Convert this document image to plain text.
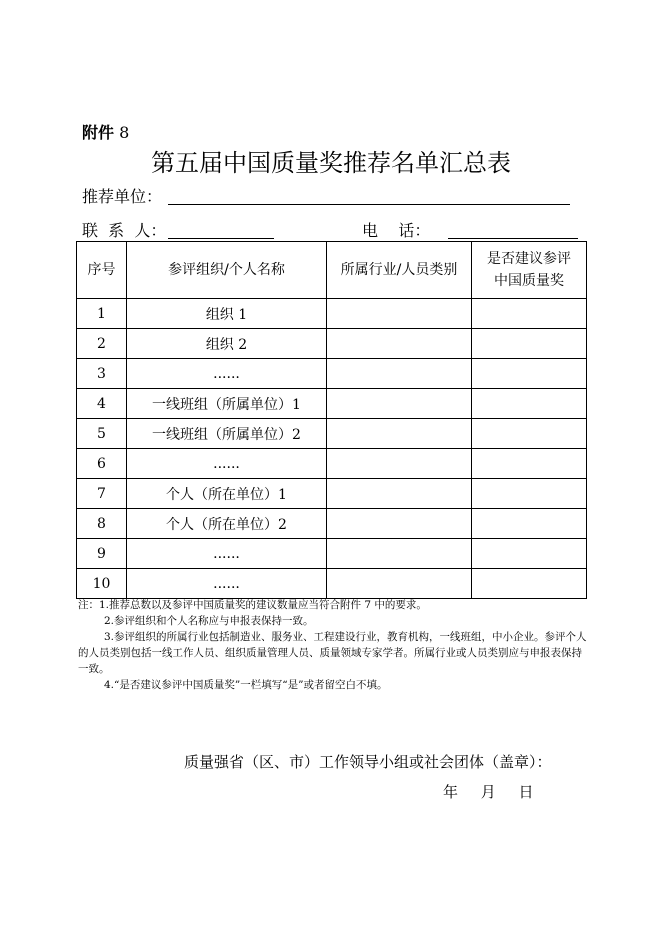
附件 8
第五届中国质量奖推荐名单汇总表
推荐单位：
联  系  人：	电    话：
序号	参评组织/个人名称	所属行业/人员类别	是否建议参评
中国质量奖

1	组织 1		
2	组织 2		
3	......		
4	一线班组（所属单位）1		
5	一线班组（所属单位）2		
6	......		
7	个人（所在单位）1		
8	个人（所在单位）2		
9	......		
10	......		
注：1.推荐总数以及参评中国质量奖的建议数量应当符合附件 7 中的要求。
2.参评组织和个人名称应与申报表保持一致。
3.参评组织的所属行业包括制造业、服务业、工程建设行业，教育机构，一线班组，中小企业。参评个人的人员类别包括一线工作人员、组织质量管理人员、质量领域专家学者。所属行业或人员类别应与申报表保持一致。
4.“是否建议参评中国质量奖”一栏填写“是”或者留空白不填。
质量强省（区、市）工作领导小组或社会团体（盖章）：
年 月 日
